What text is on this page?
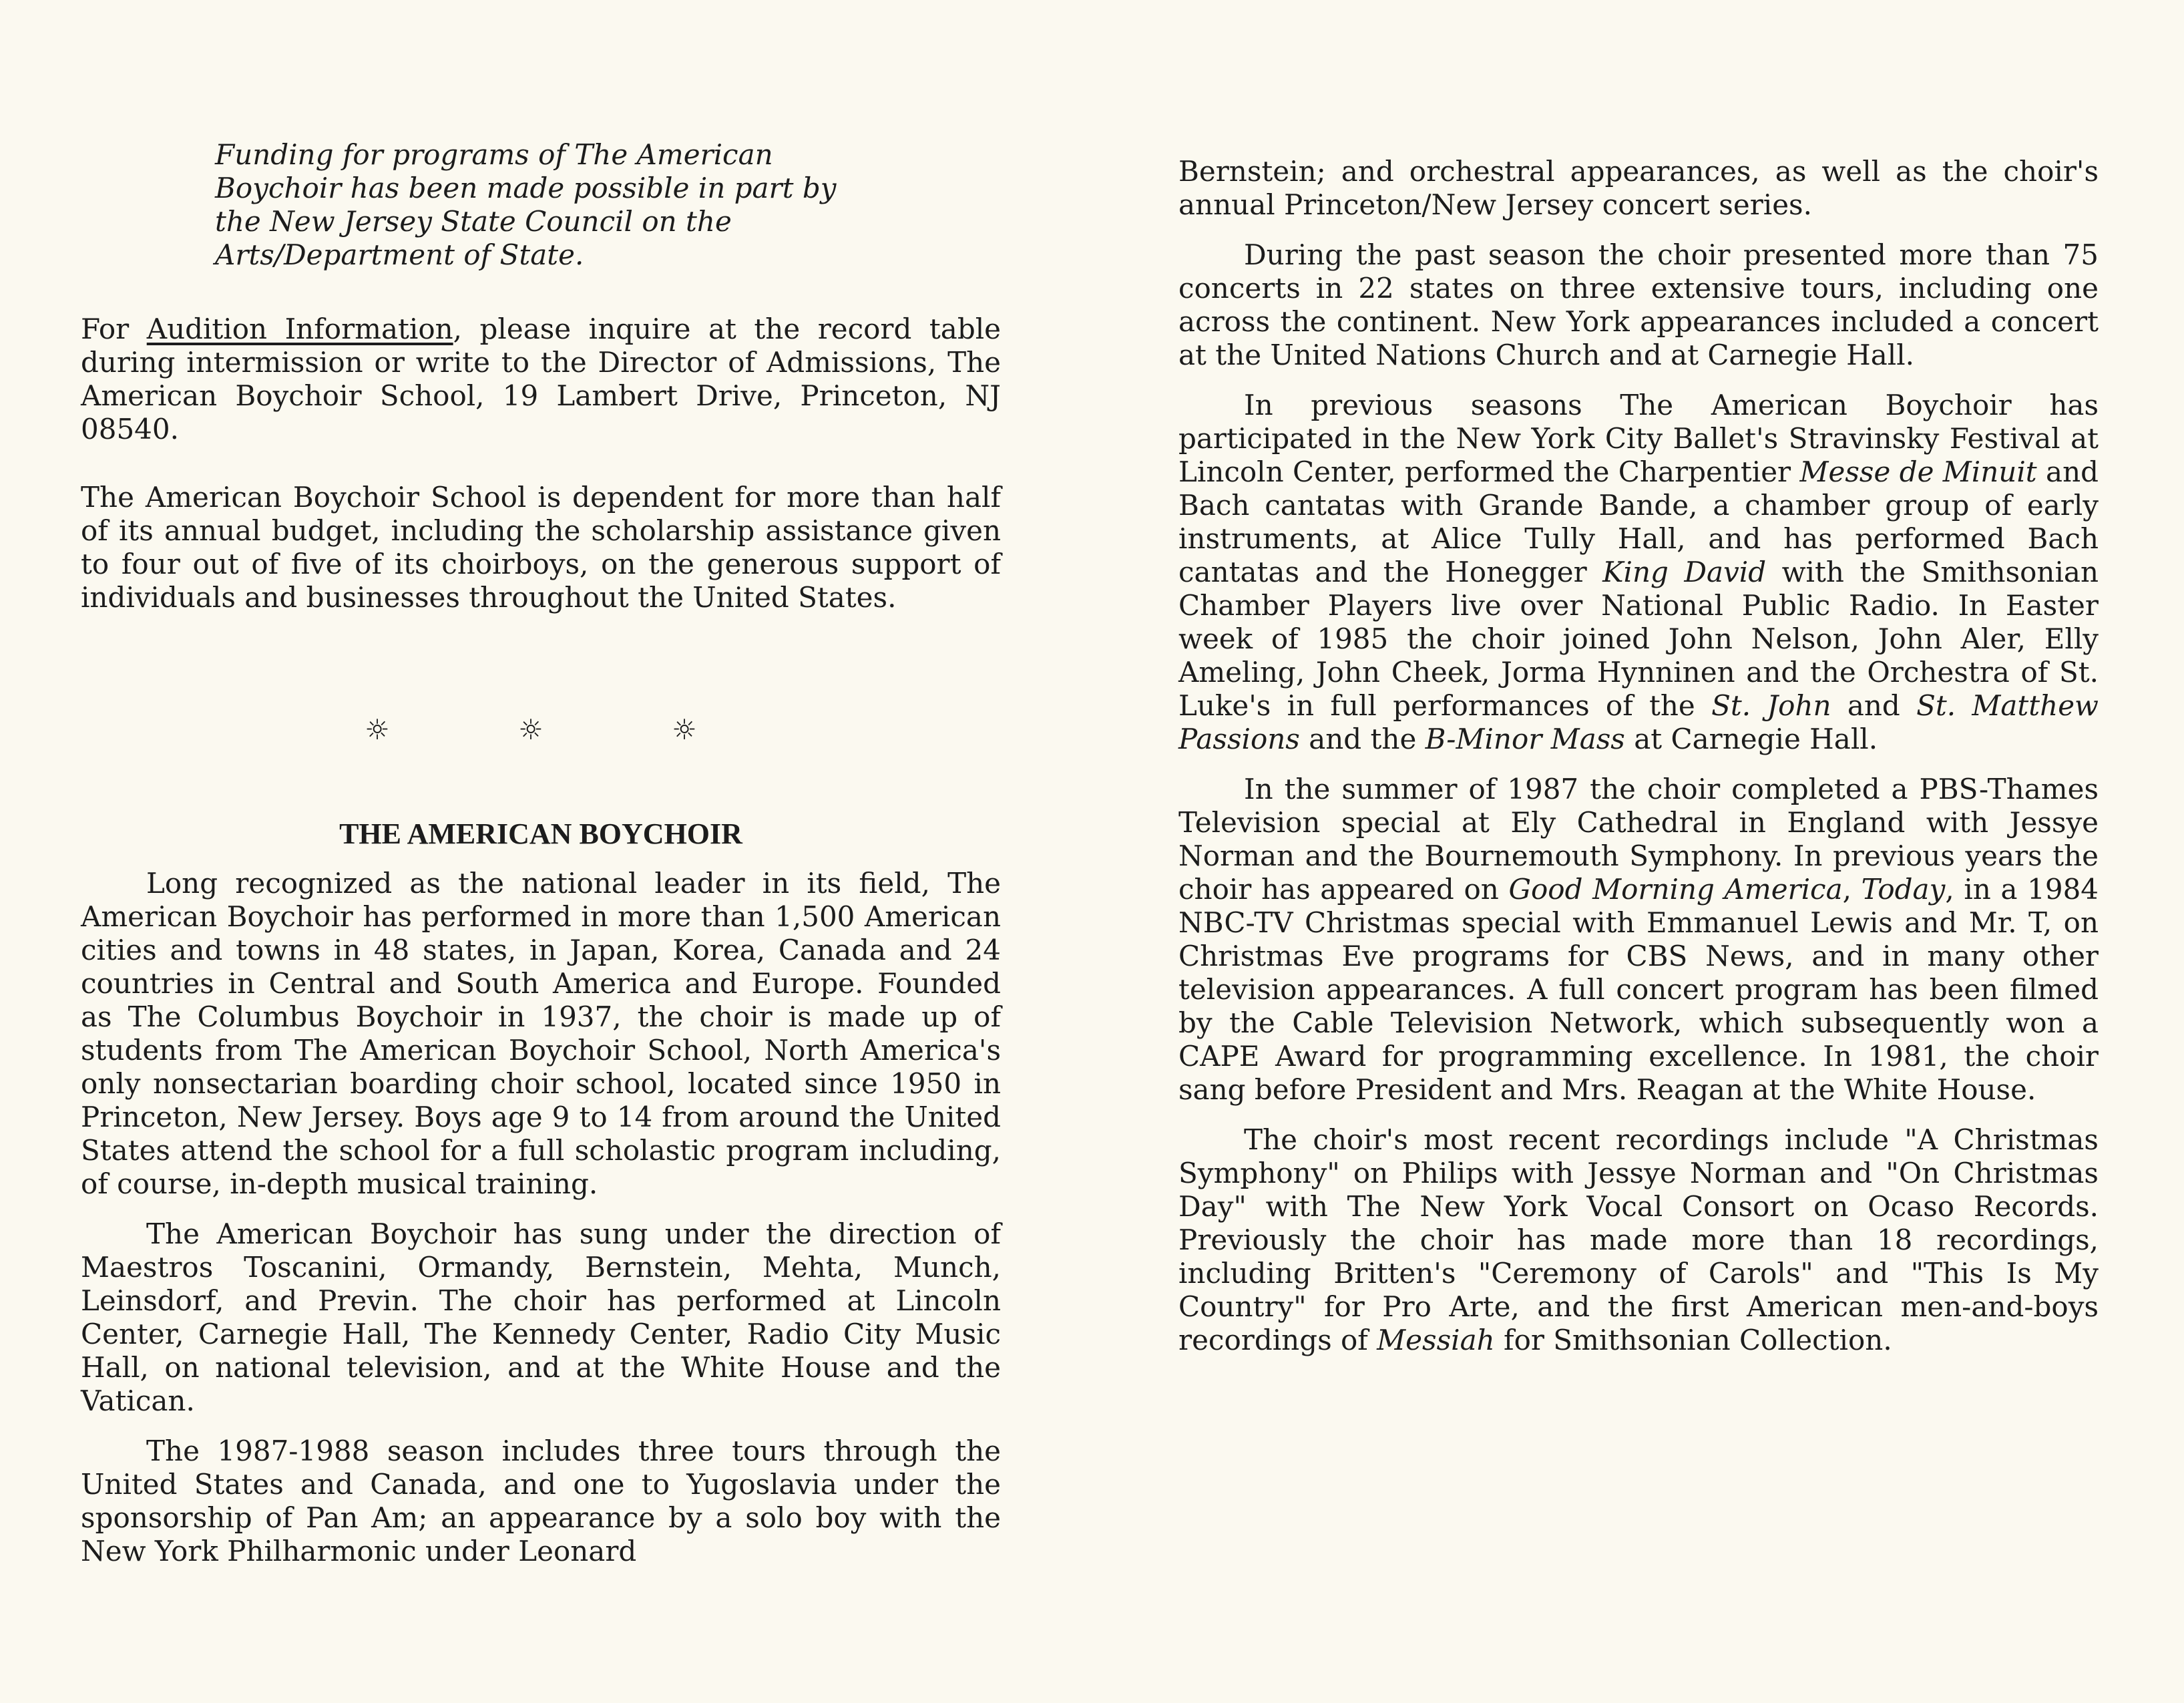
Funding for programs of The American Boychoir has been made possible in part by the New Jersey State Council on the Arts/Department of State.

For Audition Information, please inquire at the record table during intermission or write to the Director of Admissions, The American Boychoir School, 19 Lambert Drive, Princeton, NJ 08540.

The American Boychoir School is dependent for more than half of its annual budget, including the scholarship assistance given to four out of five of its choirboys, on the generous support of individuals and businesses throughout the United States.

☼	☼	☼
THE AMERICAN BOYCHOIR

Long recognized as the national leader in its field, The American Boychoir has performed in more than 1,500 American cities and towns in 48 states, in Japan, Korea, Canada and 24 countries in Central and South America and Europe. Founded as The Columbus Boychoir in 1937, the choir is made up of students from The American Boychoir School, North America's only nonsectarian boarding choir school, located since 1950 in Princeton, New Jersey. Boys age 9 to 14 from around the United States attend the school for a full scholastic program including, of course, in-depth musical training.

The American Boychoir has sung under the direction of Maestros Toscanini, Ormandy, Bernstein, Mehta, Munch, Leinsdorf, and Previn. The choir has performed at Lincoln Center, Carnegie Hall, The Kennedy Center, Radio City Music Hall, on national television, and at the White House and the Vatican.

The 1987-1988 season includes three tours through the United States and Canada, and one to Yugoslavia under the sponsorship of Pan Am; an appearance by a solo boy with the New York Philharmonic under Leonard

Bernstein; and orchestral appearances, as well as the choir's annual Princeton/New Jersey concert series.

During the past season the choir presented more than 75 concerts in 22 states on three extensive tours, including one across the continent. New York appearances included a concert at the United Nations Church and at Carnegie Hall.

In previous seasons The American Boychoir has participated in the New York City Ballet's Stravinsky Festival at Lincoln Center, performed the Charpentier Messe de Minuit and Bach cantatas with Grande Bande, a chamber group of early instruments, at Alice Tully Hall, and has performed Bach cantatas and the Honegger King David with the Smithsonian Chamber Players live over National Public Radio. In Easter week of 1985 the choir joined John Nelson, John Aler, Elly Ameling, John Cheek, Jorma Hynninen and the Orchestra of St. Luke's in full performances of the St. John and St. Matthew Passions and the B-Minor Mass at Carnegie Hall.

In the summer of 1987 the choir completed a PBS-Thames Television special at Ely Cathedral in England with Jessye Norman and the Bournemouth Symphony. In previous years the choir has appeared on Good Morning America, Today, in a 1984 NBC-TV Christmas special with Emmanuel Lewis and Mr. T, on Christmas Eve programs for CBS News, and in many other television appearances. A full concert program has been filmed by the Cable Television Network, which subsequently won a CAPE Award for programming excellence. In 1981, the choir sang before President and Mrs. Reagan at the White House.

The choir's most recent recordings include "A Christmas Symphony" on Philips with Jessye Norman and "On Christmas Day" with The New York Vocal Consort on Ocaso Records. Previously the choir has made more than 18 recordings, including Britten's "Ceremony of Carols" and "This Is My Country" for Pro Arte, and the first American men-and-boys recordings of Messiah for Smithsonian Collection.
